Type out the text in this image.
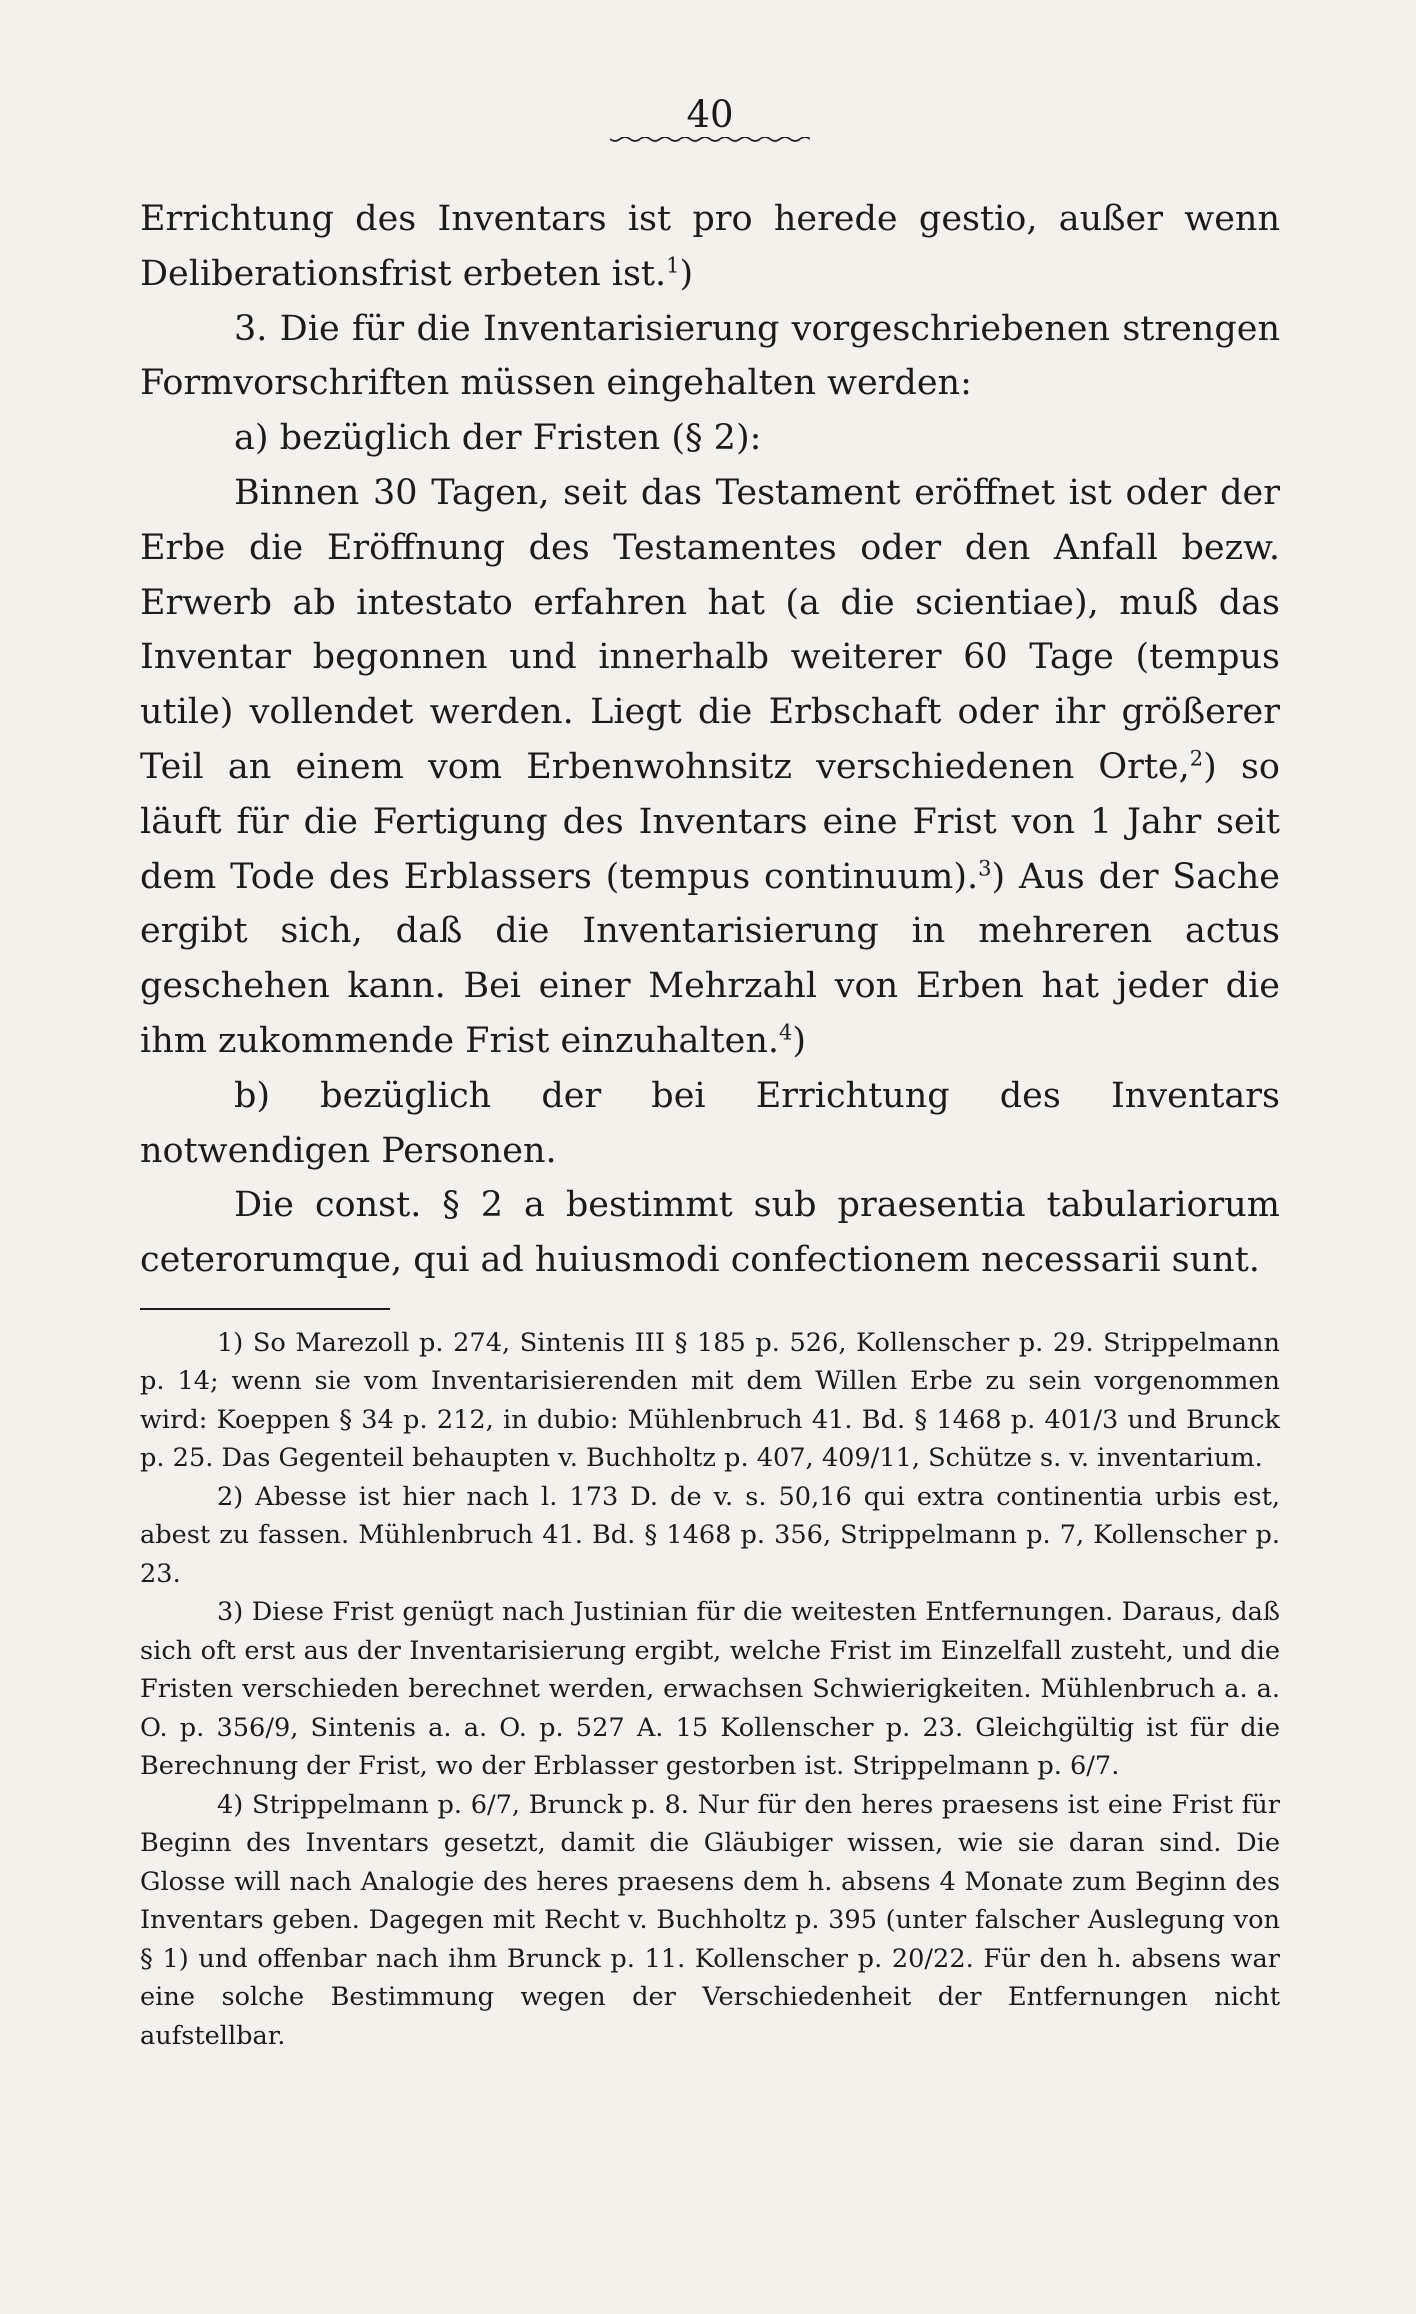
40

Errichtung des Inventars ist pro herede gestio, außer wenn Deliberationsfrist erbeten ist.$^1$)

3. Die für die Inventarisierung vorgeschriebenen strengen Formvorschriften müssen eingehalten werden:

a) bezüglich der Fristen (§ 2):

Binnen 30 Tagen, seit das Testament eröffnet ist oder der Erbe die Eröffnung des Testamentes oder den Anfall bezw. Erwerb ab intestato erfahren hat (a die scientiae), muß das Inventar begonnen und innerhalb weiterer 60 Tage (tempus utile) vollendet werden. Liegt die Erbschaft oder ihr größerer Teil an einem vom Erbenwohnsitz verschiedenen Orte,$^2$) so läuft für die Fertigung des Inventars eine Frist von 1 Jahr seit dem Tode des Erblassers (tempus continuum).$^3$) Aus der Sache ergibt sich, daß die Inventarisierung in mehreren actus geschehen kann. Bei einer Mehrzahl von Erben hat jeder die ihm zukommende Frist einzuhalten.$^4$)

b) bezüglich der bei Errichtung des Inventars notwendigen Personen.

Die const. § 2 a bestimmt sub praesentia tabulariorum ceterorumque, qui ad huiusmodi confectionem necessarii sunt.

1) So Marezoll p. 274, Sintenis III § 185 p. 526, Kollenscher p. 29. Strippelmann p. 14; wenn sie vom Inventarisierenden mit dem Willen Erbe zu sein vorgenommen wird: Koeppen § 34 p. 212, in dubio: Mühlenbruch 41. Bd. § 1468 p. 401/3 und Brunck p. 25. Das Gegenteil behaupten v. Buchholtz p. 407, 409/11, Schütze s. v. inventarium.

2) Abesse ist hier nach l. 173 D. de v. s. 50,16 qui extra continentia urbis est, abest zu fassen. Mühlenbruch 41. Bd. § 1468 p. 356, Strippelmann p. 7, Kollenscher p. 23.

3) Diese Frist genügt nach Justinian für die weitesten Entfernungen. Daraus, daß sich oft erst aus der Inventarisierung ergibt, welche Frist im Einzelfall zusteht, und die Fristen verschieden berechnet werden, erwachsen Schwierigkeiten. Mühlenbruch a. a. O. p. 356/9, Sintenis a. a. O. p. 527 A. 15 Kollenscher p. 23. Gleichgültig ist für die Berechnung der Frist, wo der Erblasser gestorben ist. Strippelmann p. 6/7.

4) Strippelmann p. 6/7, Brunck p. 8. Nur für den heres praesens ist eine Frist für Beginn des Inventars gesetzt, damit die Gläubiger wissen, wie sie daran sind. Die Glosse will nach Analogie des heres praesens dem h. absens 4 Monate zum Beginn des Inventars geben. Dagegen mit Recht v. Buchholtz p. 395 (unter falscher Auslegung von § 1) und offenbar nach ihm Brunck p. 11. Kollenscher p. 20/22. Für den h. absens war eine solche Bestimmung wegen der Verschiedenheit der Entfernungen nicht aufstellbar.
